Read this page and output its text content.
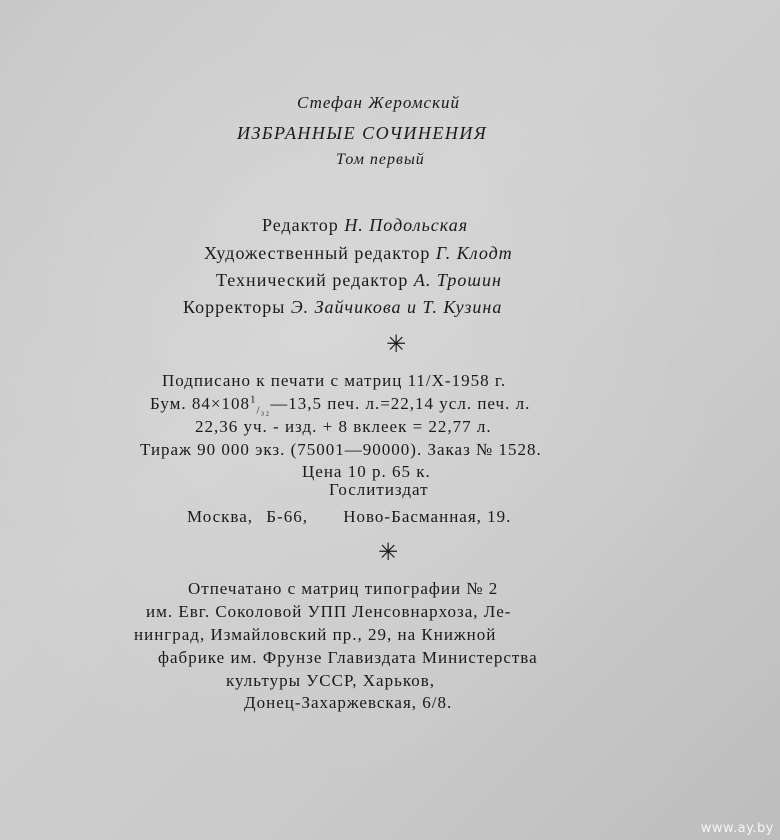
Стефан Жеромский
ИЗБРАННЫЕ СОЧИНЕНИЯ
Том первый
Редактор Н. Подольская
Художественный редактор Г. Клодт
Технический редактор А. Трошин
Корректоры Э. Зайчикова и Т. Кузина
✳
Подписано к печати с матриц 11/X-1958 г.
Бум. $84\times 108^1_{/_{32}}—13,5$ печ. л.=22,14 усл. печ. л.
22,36 уч. - изд. + 8 вклеек = 22,77 л.
Тираж 90 000 экз. (75001—90000). Заказ № 1528.
Цена 10 р. 65 к.
Гослитиздат
Москва, Б-66, Ново-Басманная, 19.
✳
Отпечатано с матриц типографии № 2
им. Евг. Соколовой УПП Ленсовнархоза, Ле-
нинград, Измайловский пр., 29, на Книжной
фабрике им. Фрунзе Главиздата Министерства
культуры УССР, Харьков,
Донец-Захаржевская, 6/8.
www.ay.by
